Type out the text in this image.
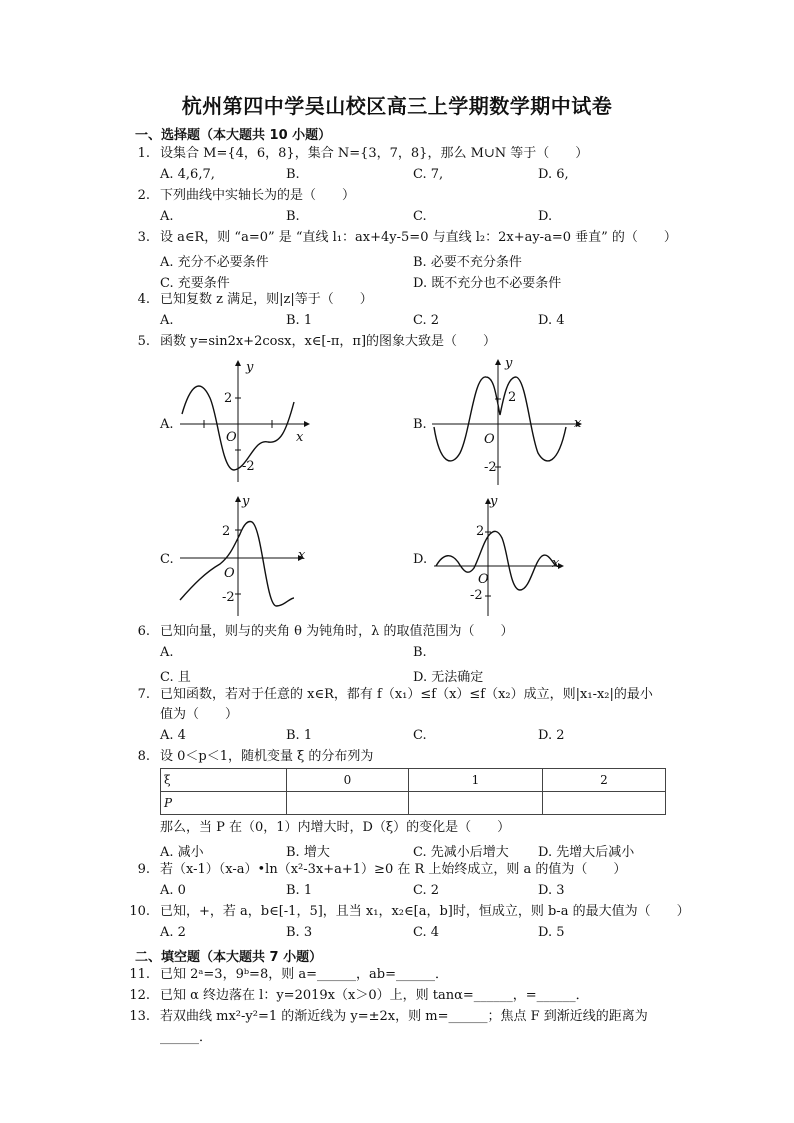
杭州第四中学吴山校区高三上学期数学期中试卷
一、选择题（本大题共 10 小题）
1. 设集合 M={4，6，8}，集合 N={3，7，8}，那么 M∪N 等于（　　）
A. 4,6,7,	B.	C. 7,	D. 6,
2. 下列曲线中实轴长为的是（　　）
A.	B.	C.	D.
3. 设 a∈R，则 “a=0” 是 “直线 l₁：ax+4y-5=0 与直线 l₂：2x+ay-a=0 垂直” 的（　　）
A. 充分不必要条件	B. 必要不充分条件
C. 充要条件	D. 既不充分也不必要条件
4. 已知复数 z 满足，则|z|等于（　　）
A.	B. 1	C. 2	D. 4
5. 函数 y=sin2x+2cosx，x∈[-π，π]的图象大致是（　　）
A.
y
x
O
2
-2
B.
y
x
O
2
-2
C.
y
x
O
2
-2
D.
y
x
O
2
-2
6. 已知向量，则与的夹角 θ 为钝角时，λ 的取值范围为（　　）
A.	B.
C. 且	D. 无法确定
7. 已知函数，若对于任意的 x∈R，都有 f（x₁）≤f（x）≤f（x₂）成立，则|x₁-x₂|的最小
值为（　　）
A. 4	B. 1	C.	D. 2
8. 设 0＜p＜1，随机变量 ξ 的分布列为
ξ	0	1	2
P			
那么，当 P 在（0，1）内增大时，D（ξ）的变化是（　　）
A. 减小	B. 增大	C. 先减小后增大 D. 先增大后减小
9. 若（x-1）（x-a）•ln（x²-3x+a+1）≥0 在 R 上始终成立，则 a 的值为（　　）
A. 0	B. 1	C. 2	D. 3
10. 已知，+，若 a，b∈[-1，5]，且当 x₁，x₂∈[a，b]时，恒成立，则 b-a 的最大值为（　　）
A. 2	B. 3	C. 4	D. 5
二、填空题（本大题共 7 小题）
11. 已知 2ᵃ=3，9ᵇ=8，则 a=______，ab=______．
12. 已知 α 终边落在 l：y=2019x（x＞0）上，则 tanα=______，=______．
13. 若双曲线 mx²-y²=1 的渐近线为 y=±2x，则 m=______；焦点 F 到渐近线的距离为
______．
